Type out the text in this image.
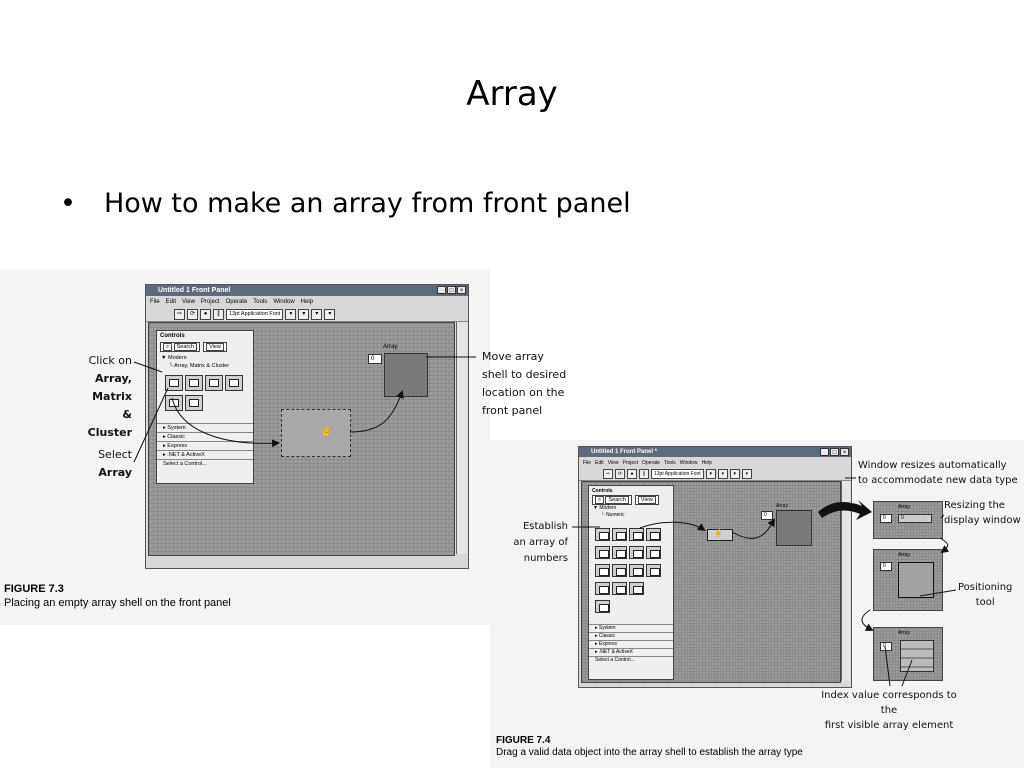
Array
• How to make an array from front panel
Untitled 1 Front Panel	_	□	×
File Edit View Project Operate Tools Window Help
⇨	⟳	●	∥	13pt Application Font	▾	▾	▾	▾
Array
0
☝
Controls
⌕ Search	View
▼ Modern
└ Array, Matrix & Cluster
▸ System
▸ Classic
▸ Express
▸ .NET & ActiveX
Select a Control...
Click on
Array,
Matrix &
Cluster
Select
Array
Move array
shell to desired
location on the
front panel
FIGURE 7.3
Placing an empty array shell on the front panel
Untitled 1 Front Panel *	_	□	×
File Edit View Project Operate Tools Window Help
⇨	⟳	●	∥	13pt Application Font	▾	▾	▾	▾
Array
0
☝
Controls
⌕ Search	View
▼ Modern
└ Numeric
▸ System
▸ Classic
▸ Express
▸ .NET & ActiveX
Select a Control...
Array
0	0
Array
0
Array
0
Establish
an array of
numbers
Window resizes automatically
to accommodate new data type
Resizing the
display window
Positioning
tool
Index value corresponds to the
first visible array element
FIGURE 7.4
Drag a valid data object into the array shell to establish the array type
